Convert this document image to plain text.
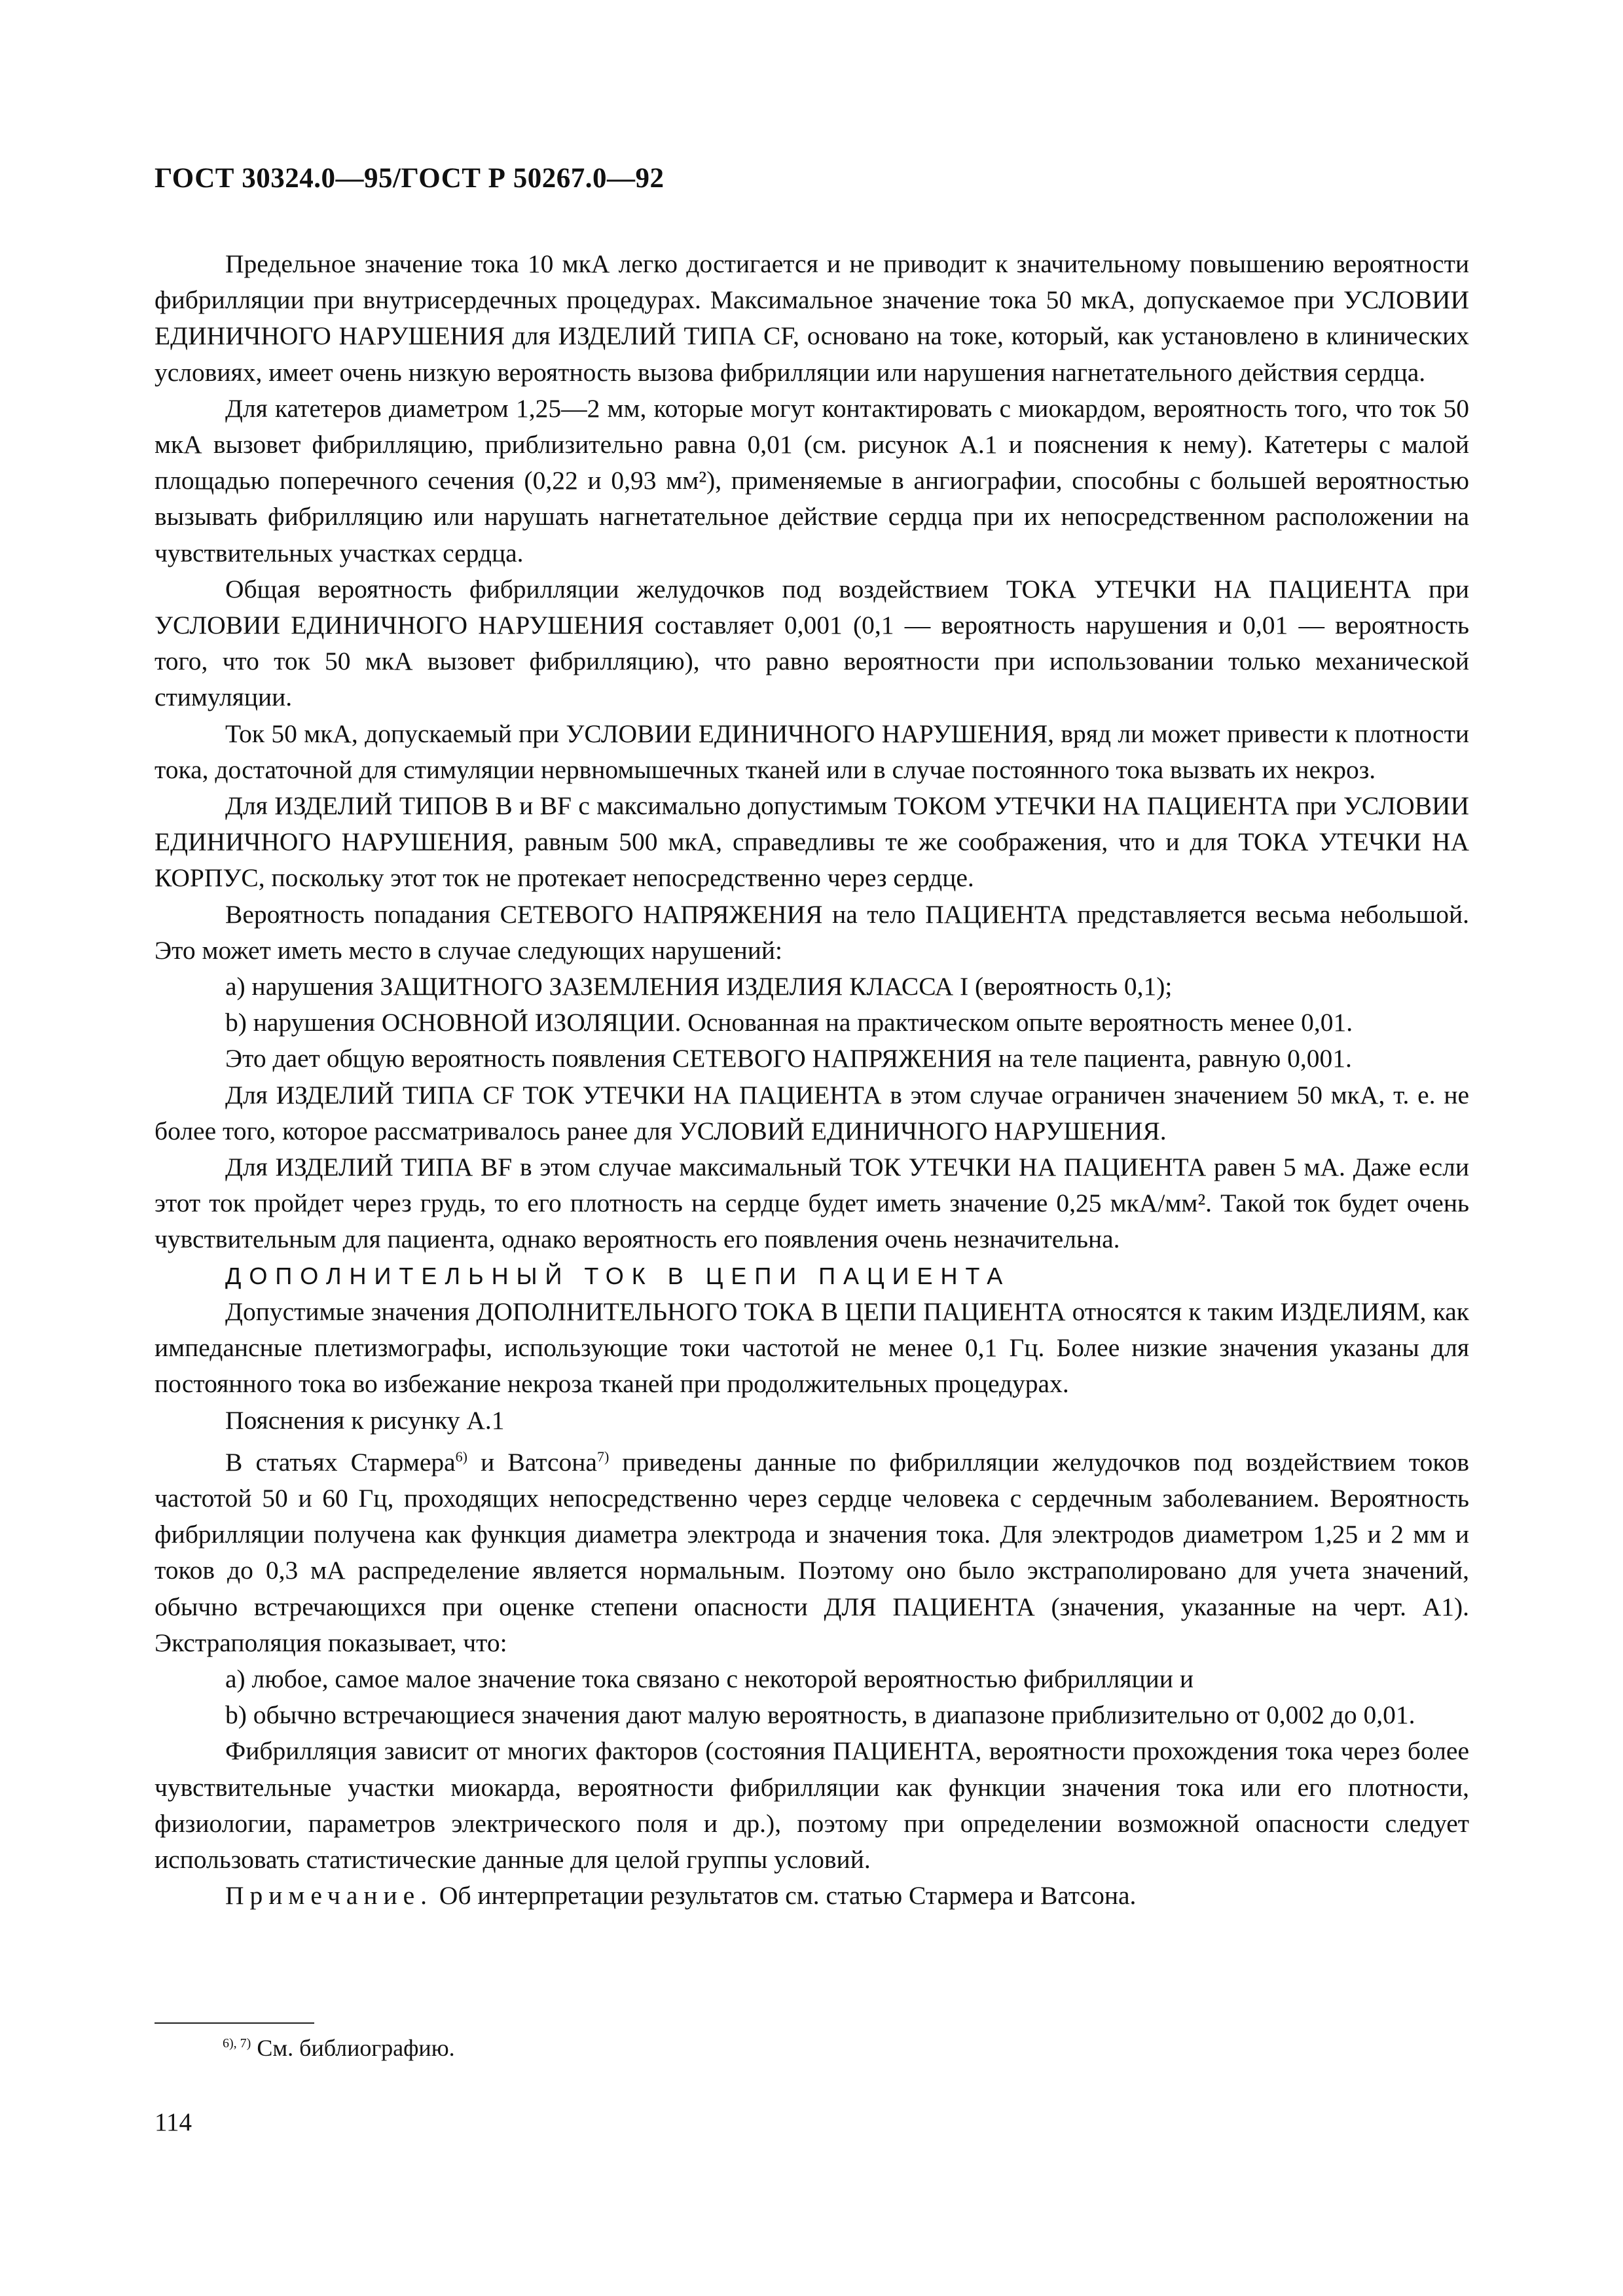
ГОСТ 30324.0—95/ГОСТ Р 50267.0—92

Предельное значение тока 10 мкА легко достигается и не приводит к значительному повышению вероятности фибрилляции при внутрисердечных процедурах. Максимальное значение тока 50 мкА, допускаемое при УСЛОВИИ ЕДИНИЧНОГО НАРУШЕНИЯ для ИЗДЕЛИЙ ТИПА CF, основано на токе, который, как установлено в клинических условиях, имеет очень низкую вероятность вызова фибрилляции или нарушения нагнетательного действия сердца.

Для катетеров диаметром 1,25—2 мм, которые могут контактировать с миокардом, вероятность того, что ток 50 мкА вызовет фибрилляцию, приблизительно равна 0,01 (см. рисунок А.1 и пояснения к нему). Катетеры с малой площадью поперечного сечения (0,22 и 0,93 мм²), применяемые в ангиографии, способны с большей вероятностью вызывать фибрилляцию или нарушать нагнетательное действие сердца при их непосредственном расположении на чувствительных участках сердца.

Общая вероятность фибрилляции желудочков под воздействием ТОКА УТЕЧКИ НА ПАЦИЕНТА при УСЛОВИИ ЕДИНИЧНОГО НАРУШЕНИЯ составляет 0,001 (0,1 — вероятность нарушения и 0,01 — вероятность того, что ток 50 мкА вызовет фибрилляцию), что равно вероятности при использовании только механической стимуляции.

Ток 50 мкА, допускаемый при УСЛОВИИ ЕДИНИЧНОГО НАРУШЕНИЯ, вряд ли может привести к плотности тока, достаточной для стимуляции нервномышечных тканей или в случае постоянного тока вызвать их некроз.

Для ИЗДЕЛИЙ ТИПОВ В и BF с максимально допустимым ТОКОМ УТЕЧКИ НА ПАЦИЕНТА при УСЛОВИИ ЕДИНИЧНОГО НАРУШЕНИЯ, равным 500 мкА, справедливы те же соображения, что и для ТОКА УТЕЧКИ НА КОРПУС, поскольку этот ток не протекает непосредственно через сердце.

Вероятность попадания СЕТЕВОГО НАПРЯЖЕНИЯ на тело ПАЦИЕНТА представляется весьма небольшой. Это может иметь место в случае следующих нарушений:

а) нарушения ЗАЩИТНОГО ЗАЗЕМЛЕНИЯ ИЗДЕЛИЯ КЛАССА I (вероятность 0,1);

b) нарушения ОСНОВНОЙ ИЗОЛЯЦИИ. Основанная на практическом опыте вероятность менее 0,01.

Это дает общую вероятность появления СЕТЕВОГО НАПРЯЖЕНИЯ на теле пациента, равную 0,001.

Для ИЗДЕЛИЙ ТИПА CF ТОК УТЕЧКИ НА ПАЦИЕНТА в этом случае ограничен значением 50 мкА, т. е. не более того, которое рассматривалось ранее для УСЛОВИЙ ЕДИНИЧНОГО НАРУШЕНИЯ.

Для ИЗДЕЛИЙ ТИПА BF в этом случае максимальный ТОК УТЕЧКИ НА ПАЦИЕНТА равен 5 мА. Даже если этот ток пройдет через грудь, то его плотность на сердце будет иметь значение 0,25 мкА/мм². Такой ток будет очень чувствительным для пациента, однако вероятность его появления очень незначительна.

ДОПОЛНИТЕЛЬНЫЙ ТОК В ЦЕПИ ПАЦИЕНТА

Допустимые значения ДОПОЛНИТЕЛЬНОГО ТОКА В ЦЕПИ ПАЦИЕНТА относятся к таким ИЗДЕЛИЯМ, как импедансные плетизмографы, использующие токи частотой не менее 0,1 Гц. Более низкие значения указаны для постоянного тока во избежание некроза тканей при продолжительных процедурах.

Пояснения к рисунку А.1

В статьях Стармера$^{6)}$ и Ватсона$^{7)}$ приведены данные по фибрилляции желудочков под воздействием токов частотой 50 и 60 Гц, проходящих непосредственно через сердце человека с сердечным заболеванием. Вероятность фибрилляции получена как функция диаметра электрода и значения тока. Для электродов диаметром 1,25 и 2 мм и токов до 0,3 мА распределение является нормальным. Поэтому оно было экстраполировано для учета значений, обычно встречающихся при оценке степени опасности ДЛЯ ПАЦИЕНТА (значения, указанные на черт. А1). Экстраполяция показывает, что:

а) любое, самое малое значение тока связано с некоторой вероятностью фибрилляции и

b) обычно встречающиеся значения дают малую вероятность, в диапазоне приблизительно от 0,002 до 0,01.

Фибрилляция зависит от многих факторов (состояния ПАЦИЕНТА, вероятности прохождения тока через более чувствительные участки миокарда, вероятности фибрилляции как функции значения тока или его плотности, физиологии, параметров электрического поля и др.), поэтому при определении возможной опасности следует использовать статистические данные для целой группы условий.

Примечание. Об интерпретации результатов см. статью Стармера и Ватсона.

$^{6), 7)}$ См. библиографию.

114
